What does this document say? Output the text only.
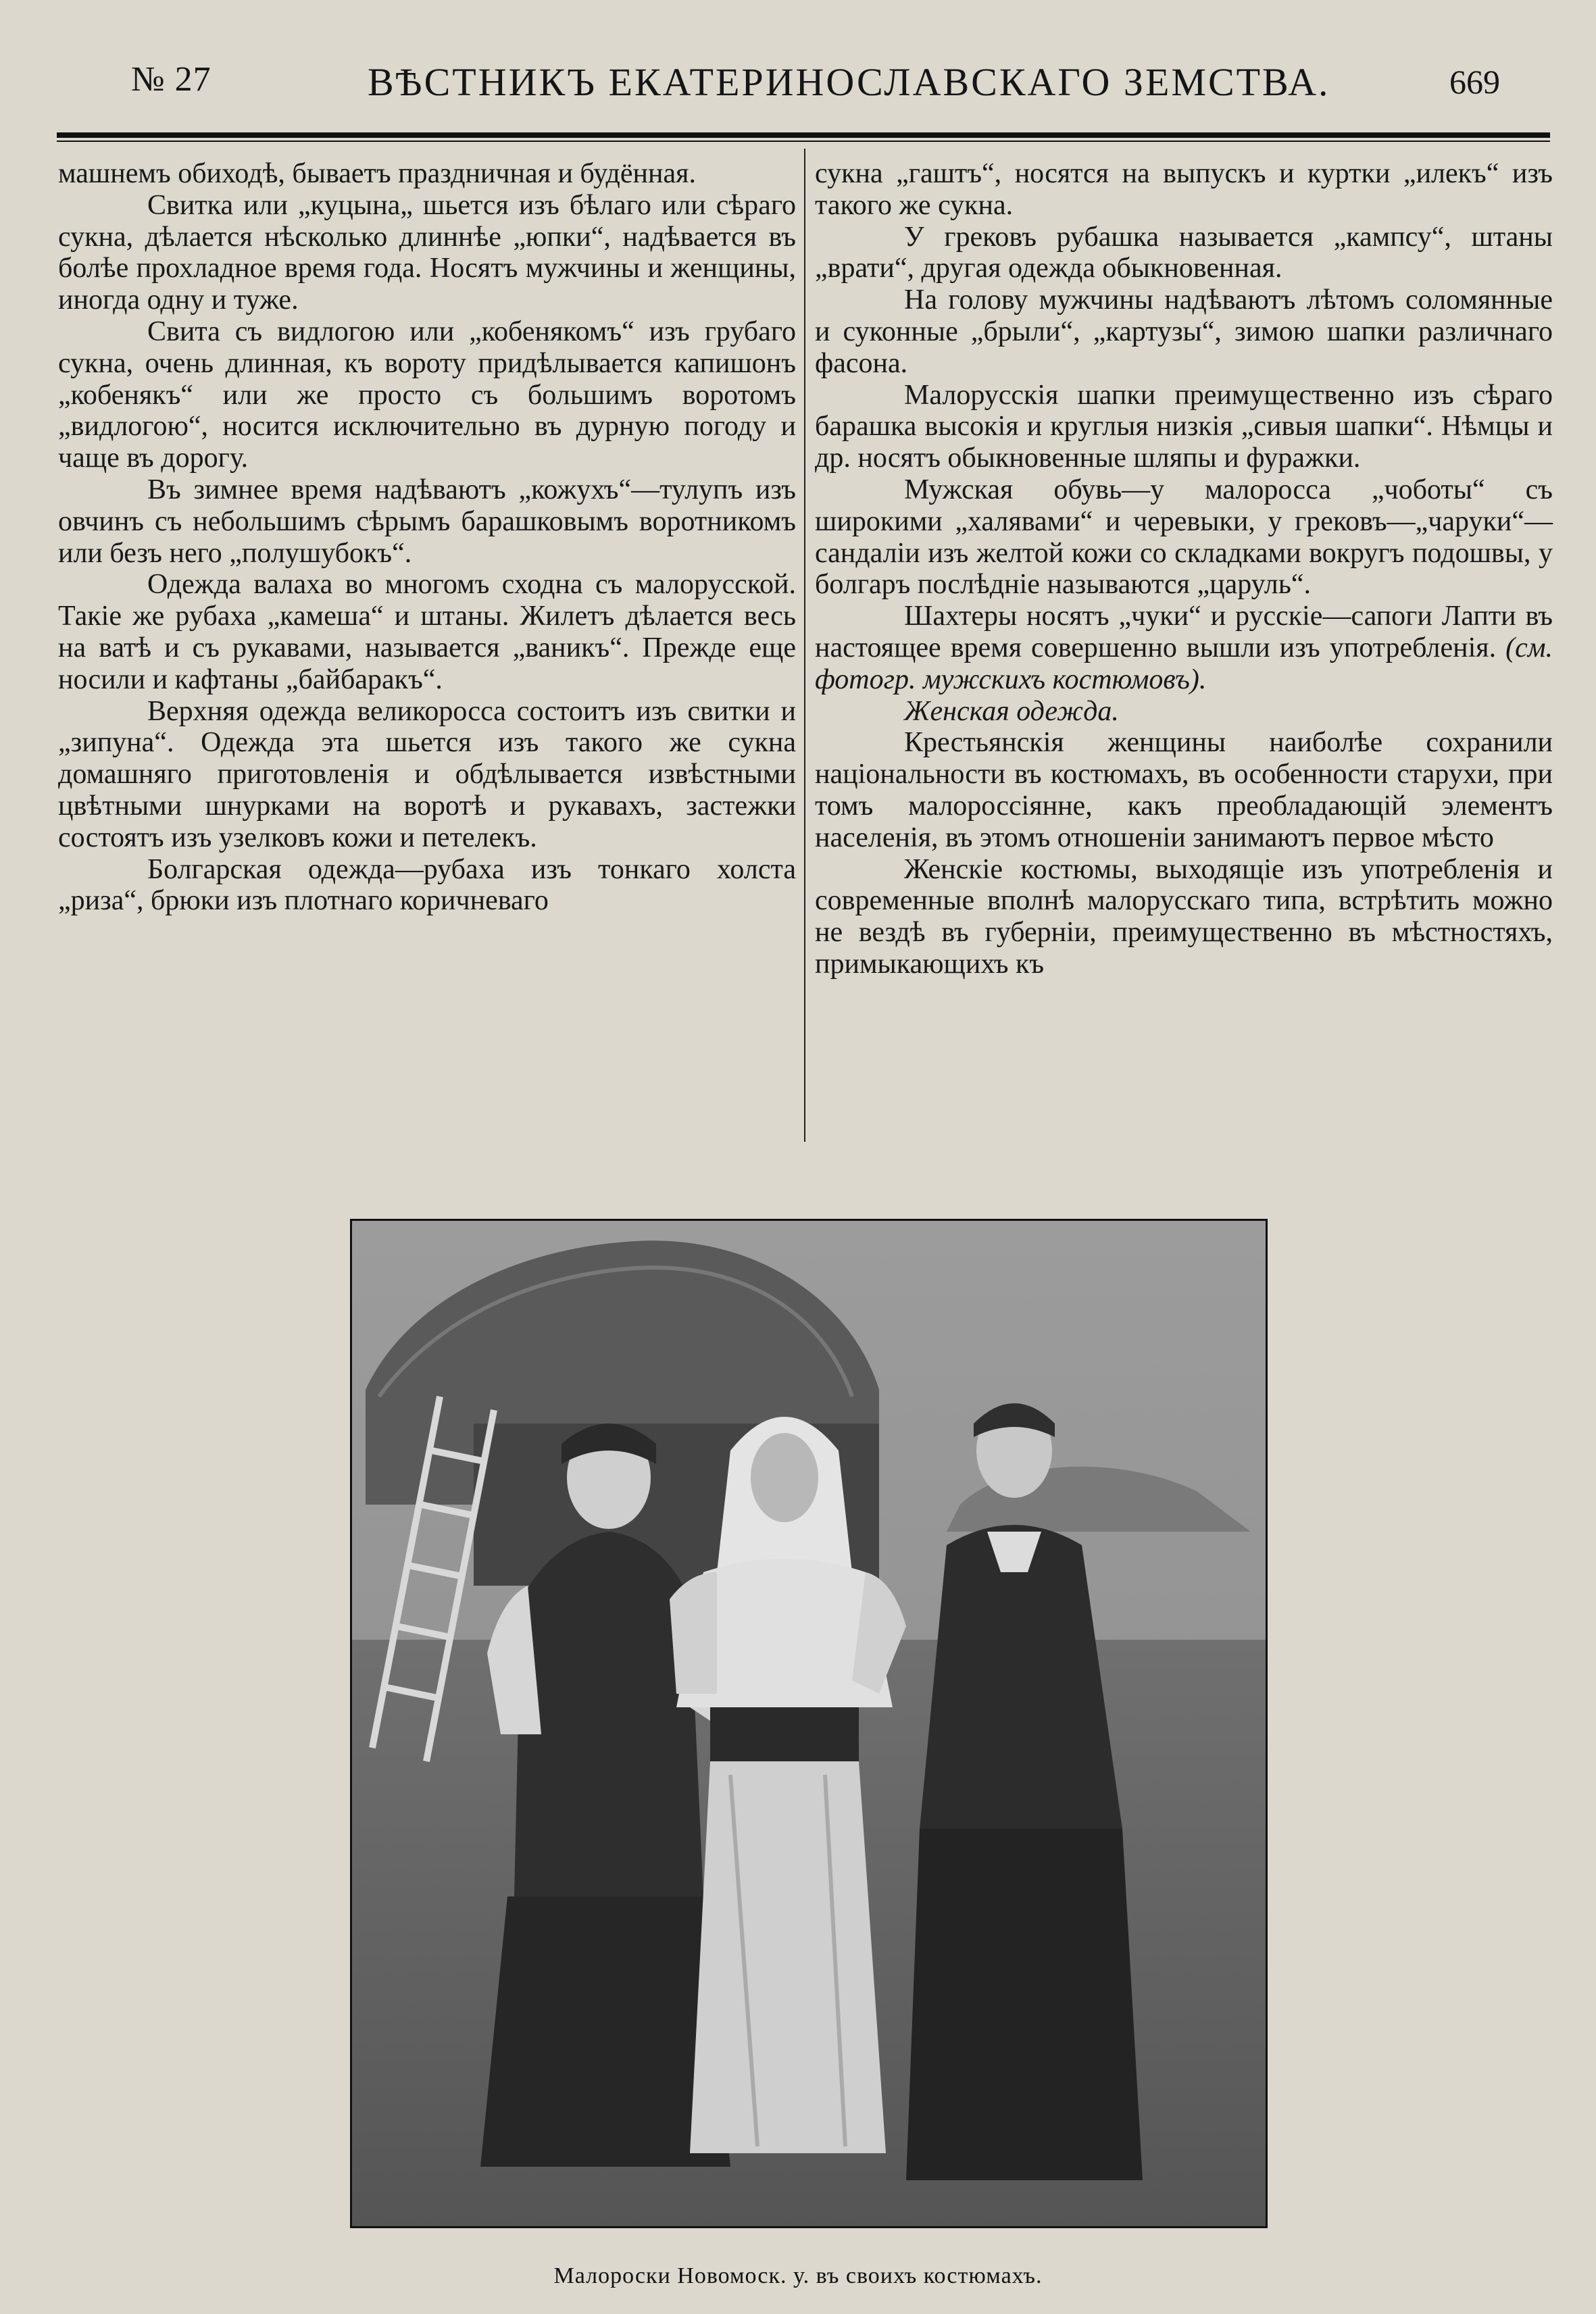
№ 27	ВѢСТНИКЪ ЕКАТЕРИНОСЛАВСКАГО ЗЕМСТВА.	669

машнемъ обиходѣ, бываетъ праздничная и будённая.

Свитка или „куцына„ шьется изъ бѣлаго или сѣраго сукна, дѣлается нѣсколько длиннѣе „юпки“, надѣвается въ болѣе прохладное время года. Носятъ мужчины и женщины, иногда одну и туже.

Свита съ видлогою или „кобенякомъ“ изъ грубаго сукна, очень длинная, къ вороту придѣлывается капишонъ „кобенякъ“ или же просто съ большимъ воротомъ „видлогою“, носится исключительно въ дурную погоду и чаще въ дорогу.

Въ зимнее время надѣваютъ „кожухъ“—тулупъ изъ овчинъ съ небольшимъ сѣрымъ барашковымъ воротникомъ или безъ него „полушубокъ“.

Одежда валаха во многомъ сходна съ малорусской. Такіе же рубаха „камеша“ и штаны. Жилетъ дѣлается весь на ватѣ и съ рукавами, называется „ваникъ“. Прежде еще носили и кафтаны „байбаракъ“.

Верхняя одежда великоросса состоитъ изъ свитки и „зипуна“. Одежда эта шьется изъ такого же сукна домашняго приготовленія и обдѣлывается извѣстными цвѣтными шнурками на воротѣ и рукавахъ, застежки состоятъ изъ узелковъ кожи и петелекъ.

Болгарская одежда—рубаха изъ тонкаго холста „риза“, брюки изъ плотнаго коричневаго

сукна „гаштъ“, носятся на выпускъ и куртки „илекъ“ изъ такого же сукна.

У грековъ рубашка называется „кампсу“, штаны „врати“, другая одежда обыкновенная.

На голову мужчины надѣваютъ лѣтомъ соломянные и суконные „брыли“, „картузы“, зимою шапки различнаго фасона.

Малорусскія шапки преимущественно изъ сѣраго барашка высокія и круглыя низкія „сивыя шапки“. Нѣмцы и др. носятъ обыкновенные шляпы и фуражки.

Мужская обувь—у малоросса „чоботы“ съ широкими „халявами“ и черевыки, у грековъ—„чаруки“—сандаліи изъ желтой кожи со складками вокругъ подошвы, у болгаръ послѣдніе называются „царуль“.

Шахтеры носятъ „чуки“ и русскіе—сапоги Лапти въ настоящее время совершенно вышли изъ употребленія. (см. фотогр. мужскихъ костюмовъ).

Женская одежда.

Крестьянскія женщины наиболѣе сохранили національности въ костюмахъ, въ особенности старухи, при томъ малороссіянне, какъ преобладающій элементъ населенія, въ этомъ отношеніи занимаютъ первое мѣсто

Женскіе костюмы, выходящіе изъ употребленія и современные вполнѣ малорусскаго типа, встрѣтить можно не вездѣ въ губерніи, преимущественно въ мѣстностяхъ, примыкающихъ къ

Малороски Новомоск. у. въ своихъ костюмахъ.
